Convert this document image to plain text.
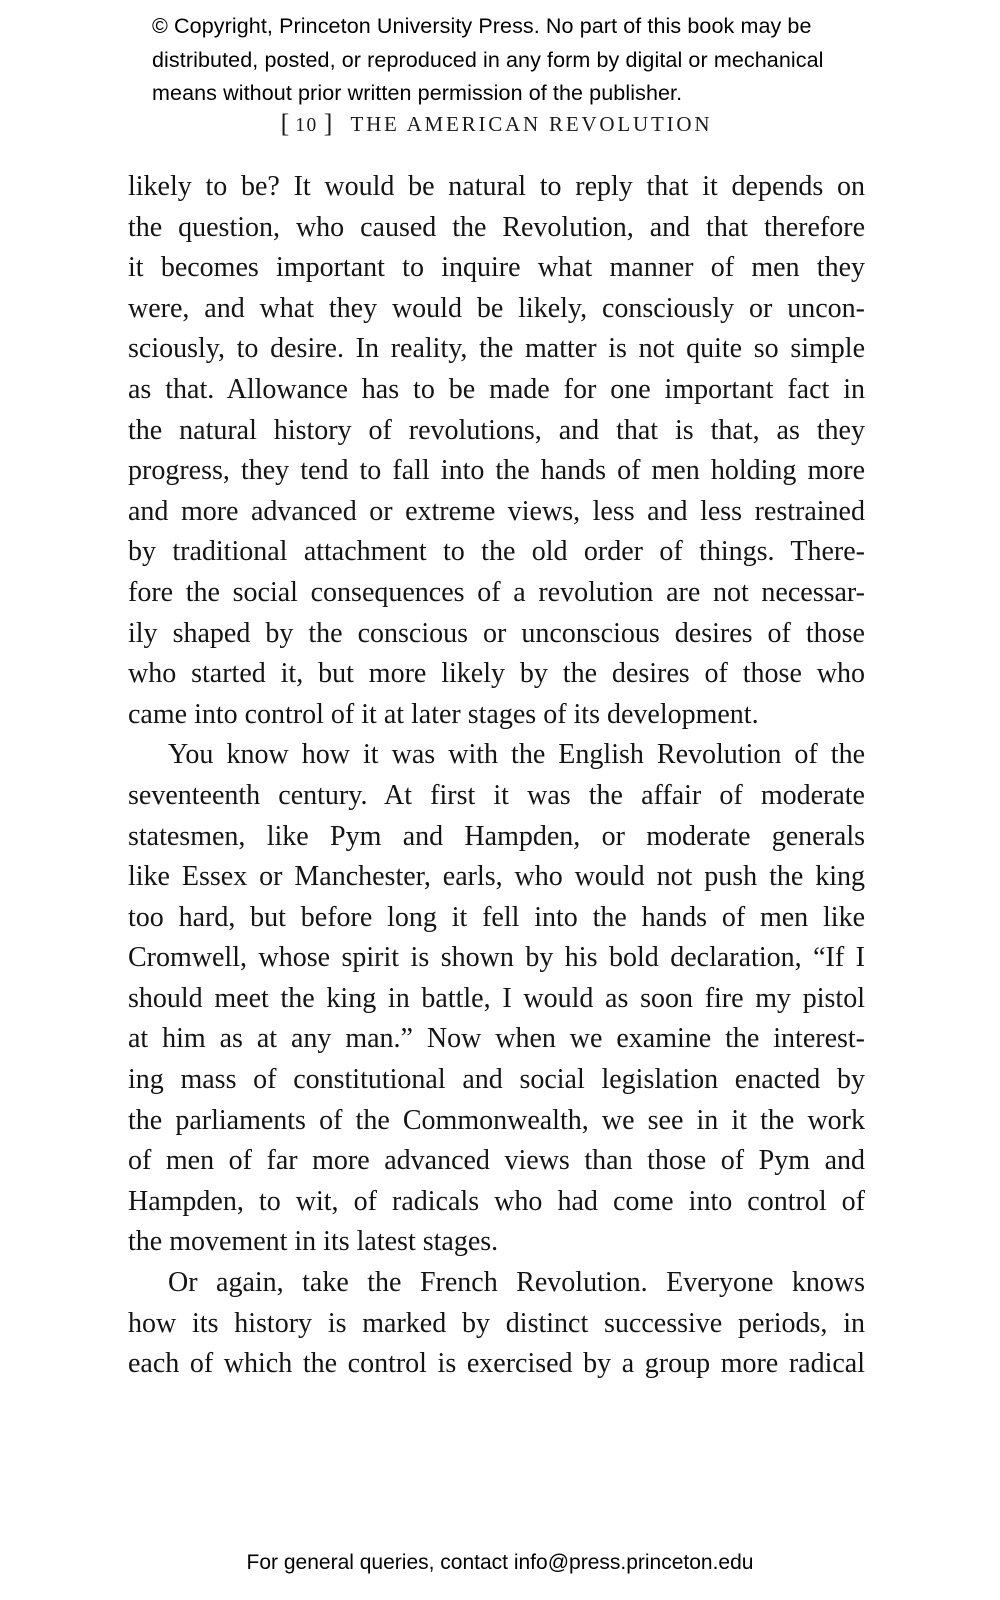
© Copyright, Princeton University Press. No part of this book may be
distributed, posted, or reproduced in any form by digital or mechanical
means without prior written permission of the publisher.
[ 10 ] THE AMERICAN REVOLUTION
likely to be? It would be natural to reply that it depends on
the question, who caused the Revolution, and that therefore
it becomes important to inquire what manner of men they
were, and what they would be likely, consciously or uncon-
sciously, to desire. In reality, the matter is not quite so simple
as that. Allowance has to be made for one important fact in
the natural history of revolutions, and that is that, as they
progress, they tend to fall into the hands of men holding more
and more advanced or extreme views, less and less restrained
by traditional attachment to the old order of things. There-
fore the social consequences of a revolution are not necessar-
ily shaped by the conscious or unconscious desires of those
who started it, but more likely by the desires of those who
came into control of it at later stages of its development.
You know how it was with the English Revolution of the
seventeenth century. At first it was the affair of moderate
statesmen, like Pym and Hampden, or moderate generals
like Essex or Manchester, earls, who would not push the king
too hard, but before long it fell into the hands of men like
Cromwell, whose spirit is shown by his bold declaration, “If I
should meet the king in battle, I would as soon fire my pistol
at him as at any man.” Now when we examine the interest-
ing mass of constitutional and social legislation enacted by
the parliaments of the Commonwealth, we see in it the work
of men of far more advanced views than those of Pym and
Hampden, to wit, of radicals who had come into control of
the movement in its latest stages.
Or again, take the French Revolution. Everyone knows
how its history is marked by distinct successive periods, in
each of which the control is exercised by a group more radical
For general queries, contact info@press.princeton.edu
